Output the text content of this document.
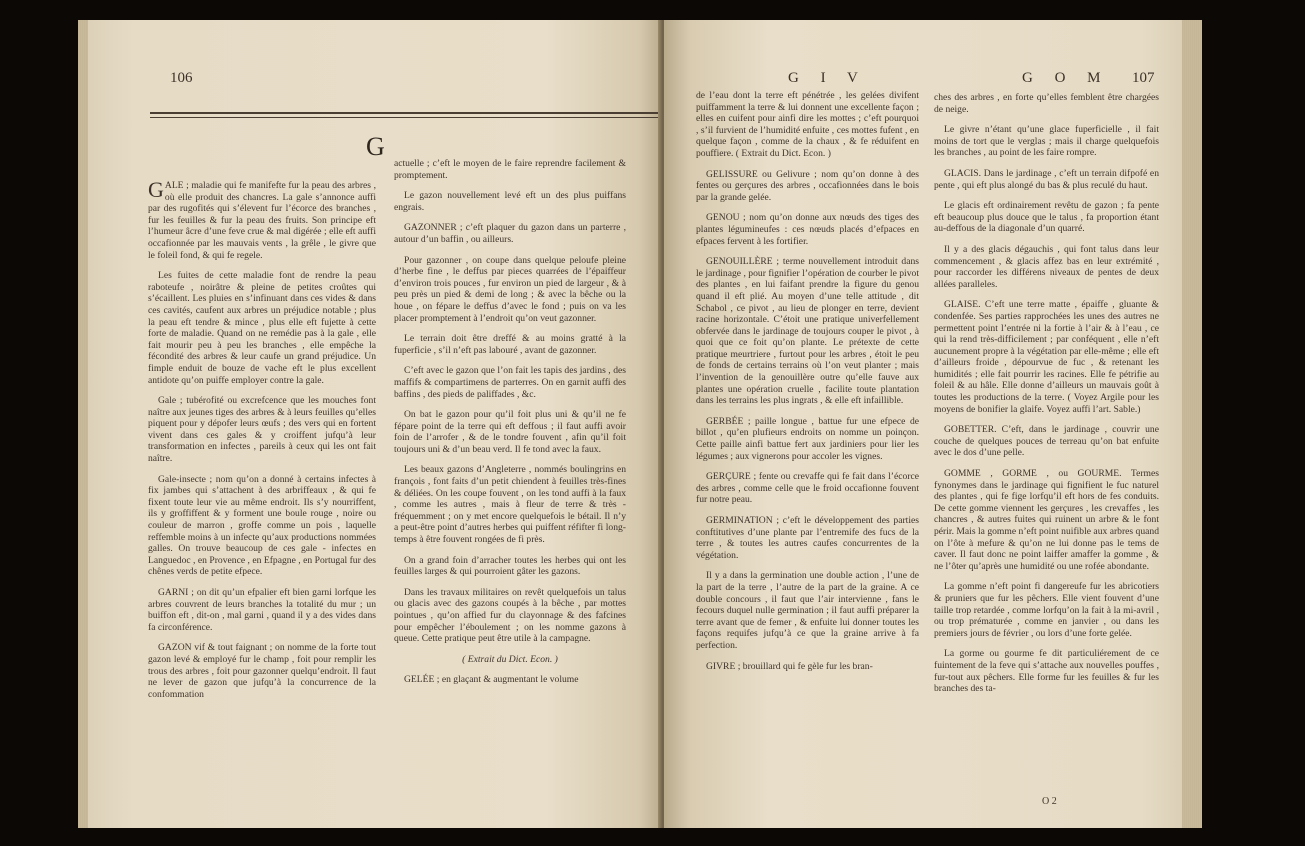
106
G

GALE ; maladie qui fe manifefte fur la peau des arbres , où elle produit des chancres. La gale s’annonce auffi par des rugofités qui s’élevent fur l’écorce des branches , fur les feuilles & fur la peau des fruits. Son principe eft l’humeur âcre d’une feve crue & mal digérée ; elle eft auffi occafionnée par les mauvais vents , la grêle , le givre que le foleil fond, & qui fe regele.

Les fuites de cette maladie font de rendre la peau raboteufe , noirâtre & pleine de petites croûtes qui s’écaillent. Les pluies en s’infinuant dans ces vides & dans ces cavités, caufent aux arbres un préjudice notable ; plus la peau eft tendre & mince , plus elle eft fujette à cette forte de maladie. Quand on ne remédie pas à la gale , elle fait mourir peu à peu les branches , elle empêche la fécondité des arbres & leur caufe un grand préjudice. Un fimple enduit de bouze de vache eft le plus excellent antidote qu’on puiffe employer contre la gale.

Gale ; tubérofité ou excrefcence que les mouches font naître aux jeunes tiges des arbres & à leurs feuilles qu’elles piquent pour y dépofer leurs œufs ; des vers qui en fortent vivent dans ces gales & y croiffent jufqu’à leur transformation en infectes , pareils à ceux qui les ont fait naître.

Gale-insecte ; nom qu’on a donné à certains infectes à fix jambes qui s’attachent à des arbriffeaux , & qui fe fixent toute leur vie au même endroit. Ils s’y nourriffent, ils y groffiffent & y forment une boule rouge , noire ou couleur de marron , groffe comme un pois , laquelle reffemble moins à un infecte qu’aux productions nommées galles. On trouve beaucoup de ces gale - infectes en Languedoc , en Provence , en Efpagne , en Portugal fur des chênes verds de petite efpece.

GARNI ; on dit qu’un efpalier eft bien garni lorfque les arbres couvrent de leurs branches la totalité du mur ; un buiffon eft , dit-on , mal garni , quand il y a des vides dans fa circonférence.

GAZON vif & tout faignant ; on nomme de la forte tout gazon levé & employé fur le champ , foit pour remplir les trous des arbres , foit pour gazonner quelqu’endroit. Il faut ne lever de gazon que jufqu’à la concurrence de la confommation

actuelle ; c’eft le moyen de le faire reprendre facilement & promptement.

Le gazon nouvellement levé eft un des plus puiffans engrais.

GAZONNER ; c’eft plaquer du gazon dans un parterre , autour d’un baffin , ou ailleurs.

Pour gazonner , on coupe dans quelque peloufe pleine d’herbe fine , le deffus par pieces quarrées de l’épaiffeur d’environ trois pouces , fur environ un pied de largeur , & à peu près un pied & demi de long ; & avec la bêche ou la houe , on fépare le deffus d’avec le fond ; puis on va les placer promptement à l’endroit qu’on veut gazonner.

Le terrain doit être dreffé & au moins gratté à la fuperficie , s’il n’eft pas labouré , avant de gazonner.

C’eft avec le gazon que l’on fait les tapis des jardins , des maffifs & compartimens de parterres. On en garnit auffi des baffins , des pieds de paliffades , &c.

On bat le gazon pour qu’il foit plus uni & qu’il ne fe fépare point de la terre qui eft deffous ; il faut auffi avoir foin de l’arrofer , & de le tondre fouvent , afin qu’il foit toujours uni & d’un beau verd. Il fe tond avec la faux.

Les beaux gazons d’Angleterre , nommés boulingrins en françois , font faits d’un petit chiendent à feuilles très-fines & déliées. On les coupe fouvent , on les tond auffi à la faux , comme les autres , mais à fleur de terre & très - fréquemment ; on y met encore quelquefois le bétail. Il n’y a peut-être point d’autres herbes qui puiffent réfifter fi long-temps à être fouvent rongées de fi près.

On a grand foin d’arracher toutes les herbes qui ont les feuilles larges & qui pourroient gâter les gazons.

Dans les travaux militaires on revêt quelquefois un talus ou glacis avec des gazons coupés à la bêche , par mottes pointues , qu’on affied fur du clayonnage & des fafcines pour empêcher l’éboulement ; on les nomme gazons à queue. Cette pratique peut être utile à la campagne.

( Extrait du Dict. Econ. )

GELÉE ; en glaçant & augmentant le volume

G I V	G O M 107

de l’eau dont la terre eft pénétrée , les gelées divifent puiffamment la terre & lui donnent une excellente façon ; elles en cuifent pour ainfi dire les mottes ; c’eft pourquoi , s’il furvient de l’humidité enfuite , ces mottes fufent , en quelque façon , comme de la chaux , & fe réduifent en pouffiere. ( Extrait du Dict. Econ. )

GELISSURE ou Gelivure ; nom qu’on donne à des fentes ou gerçures des arbres , occafionnées dans le bois par la grande gelée.

GENOU ; nom qu’on donne aux nœuds des tiges des plantes légumineufes : ces nœuds placés d’efpaces en efpaces fervent à les fortifier.

GENOUILLÈRE ; terme nouvellement introduit dans le jardinage , pour fignifier l’opération de courber le pivot des plantes , en lui faifant prendre la figure du genou quand il eft plié. Au moyen d’une telle attitude , dit Schabol , ce pivot , au lieu de plonger en terre, devient racine horizontale. C’étoit une pratique univerfellement obfervée dans le jardinage de toujours couper le pivot , à quoi que ce foit qu’on plante. Le prétexte de cette pratique meurtriere , furtout pour les arbres , étoit le peu de fonds de certains terrains où l’on veut planter ; mais l’invention de la genouillère outre qu’elle fauve aux plantes une opération cruelle , facilite toute plantation dans les terrains les plus ingrats , & elle eft infaillible.

GERBÉE ; paille longue , battue fur une efpece de billot , qu’en plufieurs endroits on nomme un poinçon. Cette paille ainfi battue fert aux jardiniers pour lier les légumes ; aux vignerons pour accoler les vignes.

GERÇURE ; fente ou crevaffe qui fe fait dans l’écorce des arbres , comme celle que le froid occafionne fouvent fur notre peau.

GERMINATION ; c’eft le développement des parties conftitutives d’une plante par l’entremife des fucs de la terre , & toutes les autres caufes concurrentes de la végétation.

Il y a dans la germination une double action , l’une de la part de la terre , l’autre de la part de la graine. A ce double concours , il faut que l’air intervienne , fans le fecours duquel nulle germination ; il faut auffi préparer la terre avant que de femer , & enfuite lui donner toutes les façons requifes jufqu’à ce que la graine arrive à fa perfection.

GIVRE ; brouillard qui fe gèle fur les bran-

ches des arbres , en forte qu’elles femblent être chargées de neige.

Le givre n’étant qu’une glace fuperficielle , il fait moins de tort que le verglas ; mais il charge quelquefois les branches , au point de les faire rompre.

GLACIS. Dans le jardinage , c’eft un terrain difpofé en pente , qui eft plus alongé du bas & plus reculé du haut.

Le glacis eft ordinairement revêtu de gazon ; fa pente eft beaucoup plus douce que le talus , fa proportion étant au-deffous de la diagonale d’un quarré.

Il y a des glacis dégauchis , qui font talus dans leur commencement , & glacis affez bas en leur extrémité , pour raccorder les différens niveaux de pentes de deux allées paralleles.

GLAISE. C’eft une terre matte , épaiffe , gluante & condenfée. Ses parties rapprochées les unes des autres ne permettent point l’entrée ni la fortie à l’air & à l’eau , ce qui la rend très-difficilement ; par conféquent , elle n’eft aucunement propre à la végétation par elle-même ; elle eft d’ailleurs froide , dépourvue de fuc , & retenant les humidités ; elle fait pourrir les racines. Elle fe pétrifie au foleil & au hâle. Elle donne d’ailleurs un mauvais goût à toutes les productions de la terre. ( Voyez Argile pour les moyens de bonifier la glaife. Voyez auffi l’art. Sable.)

GOBETTER. C’eft, dans le jardinage , couvrir une couche de quelques pouces de terreau qu’on bat enfuite avec le dos d’une pelle.

GOMME , GORME , ou GOURME. Termes fynonymes dans le jardinage qui fignifient le fuc naturel des plantes , qui fe fige lorfqu’il eft hors de fes conduits. De cette gomme viennent les gerçures , les crevaffes , les chancres , & autres fuites qui ruinent un arbre & le font périr. Mais la gomme n’eft point nuifible aux arbres quand on l’ôte à mefure & qu’on ne lui donne pas le tems de caver. Il faut donc ne point laiffer amaffer la gomme , & ne l’ôter qu’après une humidité ou une rofée abondante.

La gomme n’eft point fi dangereufe fur les abricotiers & pruniers que fur les pêchers. Elle vient fouvent d’une taille trop retardée , comme lorfqu’on la fait à la mi-avril , ou trop prématurée , comme en janvier , ou dans les premiers jours de février , ou lors d’une forte gelée.

La gorme ou gourme fe dit particuliérement de ce fuintement de la feve qui s’attache aux nouvelles pouffes , fur-tout aux pêchers. Elle forme fur les feuilles & fur les branches des ta-

O 2
